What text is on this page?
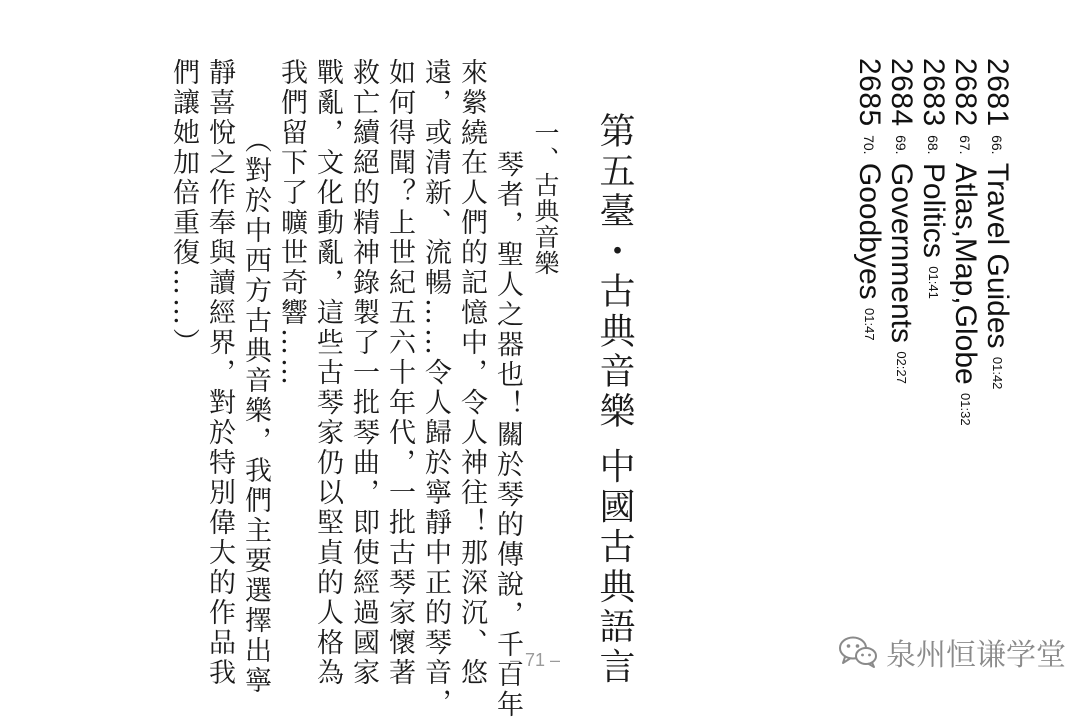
2681 66. Travel Guides 01:42
2682 67. Atlas,Map,Globe 01:32
2683 68. Politics 01:41
2684 69. Governments 02:27
2685 70. Goodbyes 01:47
第五臺・古典音樂 中國古典語言
一、古典音樂
琴者，聖人之器也！關於琴的傳說，千百年
來縈繞在人們的記憶中，令人神往！那深沉、悠
遠，或清新、流暢……令人歸於寧靜中正的琴音，
如何得聞？上世紀五六十年代，一批古琴家懷著
救亡續絕的精神錄製了一批琴曲，即使經過國家
戰亂，文化動亂，這些古琴家仍以堅貞的人格為
我們留下了曠世奇響……
（對於中西方古典音樂，我們主要選擇出寧
靜喜悅之作奉與讀經界，對於特別偉大的作品我
們讓她加倍重復……）
– 71 –	泉州恒谦学堂
